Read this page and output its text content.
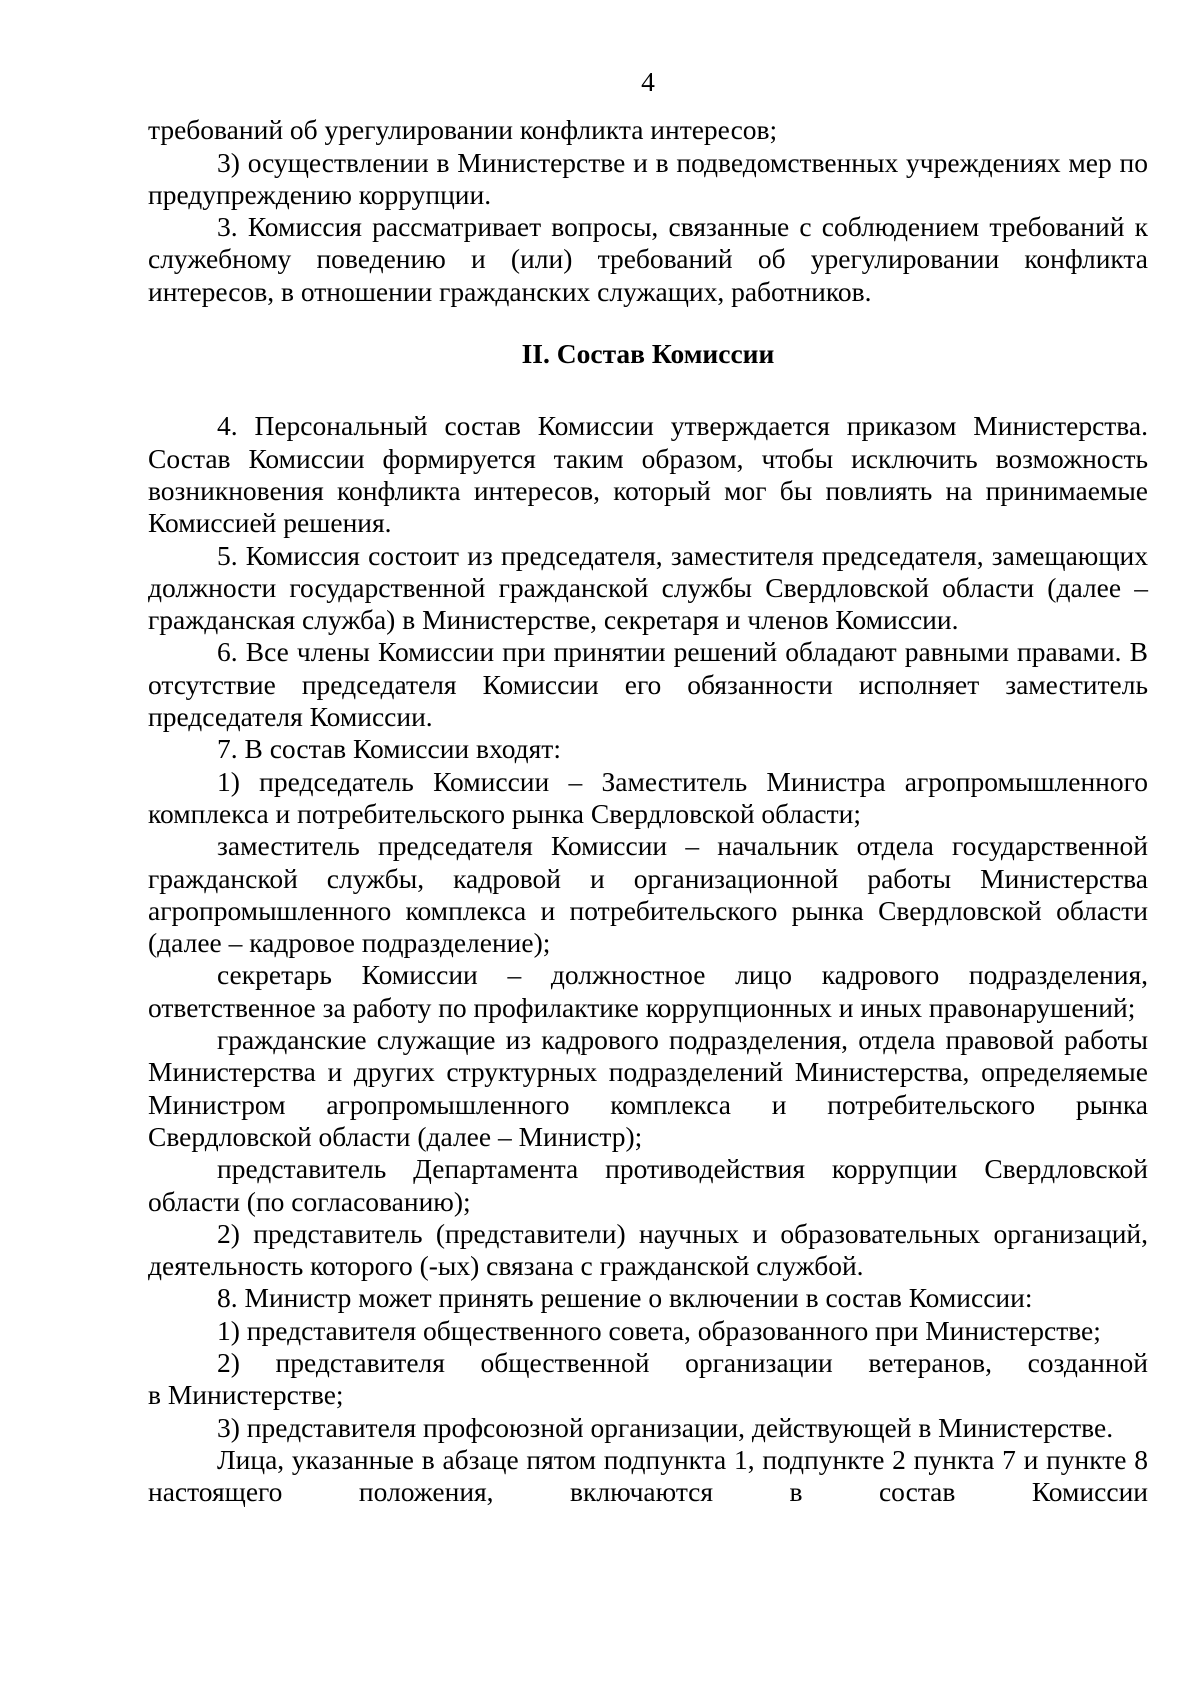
4

требований об урегулировании конфликта интересов;

3) осуществлении в Министерстве и в подведомственных учреждениях мер по предупреждению коррупции.

3. Комиссия рассматривает вопросы, связанные с соблюдением требований к служебному поведению и (или) требований об урегулировании конфликта интересов, в отношении гражданских служащих, работников.

II. Состав Комиссии

4. Персональный состав Комиссии утверждается приказом Министерства. Состав Комиссии формируется таким образом, чтобы исключить возможность возникновения конфликта интересов, который мог бы повлиять на принимаемые Комиссией решения.

5. Комиссия состоит из председателя, заместителя председателя, замещающих должности государственной гражданской службы Свердловской области (далее – гражданская служба) в Министерстве, секретаря и членов Комиссии.

6. Все члены Комиссии при принятии решений обладают равными правами. В отсутствие председателя Комиссии его обязанности исполняет заместитель председателя Комиссии.

7. В состав Комиссии входят:

1) председатель Комиссии – Заместитель Министра агропромышленного комплекса и потребительского рынка Свердловской области;

заместитель председателя Комиссии – начальник отдела государственной гражданской службы, кадровой и организационной работы Министерства агропромышленного комплекса и потребительского рынка Свердловской области (далее – кадровое подразделение);

секретарь Комиссии – должностное лицо кадрового подразделения, ответственное за работу по профилактике коррупционных и иных правонарушений;

гражданские служащие из кадрового подразделения, отдела правовой работы Министерства и других структурных подразделений Министерства, определяемые Министром агропромышленного комплекса и потребительского рынка Свердловской области (далее – Министр);

представитель Департамента противодействия коррупции Свердловской области (по согласованию);

2) представитель (представители) научных и образовательных организаций, деятельность которого (-ых) связана с гражданской службой.

8. Министр может принять решение о включении в состав Комиссии:

1) представителя общественного совета, образованного при Министерстве;

2) представителя общественной организации ветеранов, созданной в Министерстве;

3) представителя профсоюзной организации, действующей в Министерстве.

Лица, указанные в абзаце пятом подпункта 1, подпункте 2 пункта 7 и пункте 8 настоящего положения, включаются в состав Комиссии
